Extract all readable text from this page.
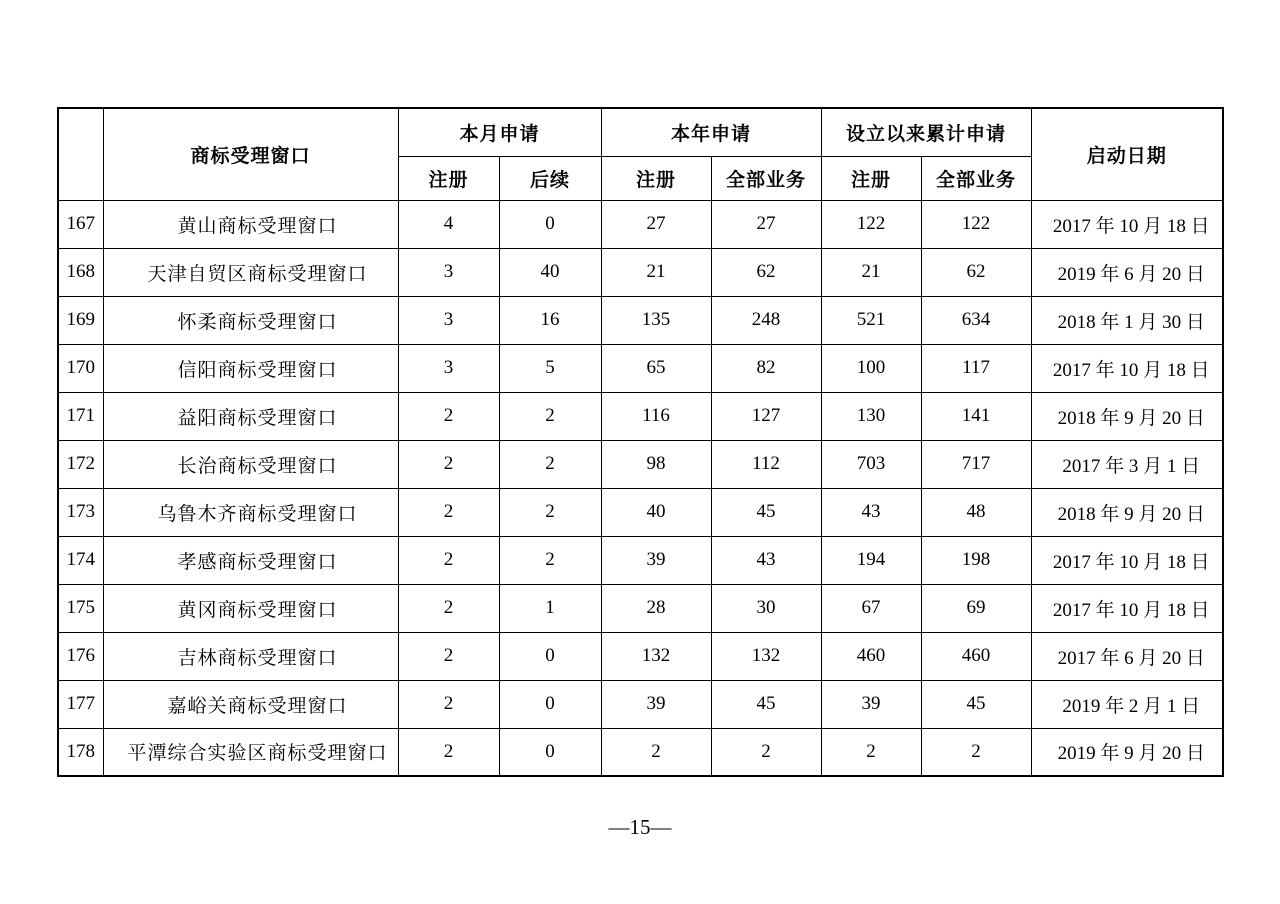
	商标受理窗口	本月申请		本年申请		设立以来累计申请		启动日期
		注册	后续	注册	全部业务	注册	全部业务	
167	黄山商标受理窗口	4	0	27	27	122	122	2017 年 10 月 18 日
168	天津自贸区商标受理窗口	3	40	21	62	21	62	2019 年 6 月 20 日
169	怀柔商标受理窗口	3	16	135	248	521	634	2018 年 1 月 30 日
170	信阳商标受理窗口	3	5	65	82	100	117	2017 年 10 月 18 日
171	益阳商标受理窗口	2	2	116	127	130	141	2018 年 9 月 20 日
172	长治商标受理窗口	2	2	98	112	703	717	2017 年 3 月 1 日
173	乌鲁木齐商标受理窗口	2	2	40	45	43	48	2018 年 9 月 20 日
174	孝感商标受理窗口	2	2	39	43	194	198	2017 年 10 月 18 日
175	黄冈商标受理窗口	2	1	28	30	67	69	2017 年 10 月 18 日
176	吉林商标受理窗口	2	0	132	132	460	460	2017 年 6 月 20 日
177	嘉峪关商标受理窗口	2	0	39	45	39	45	2019 年 2 月 1 日
178	平潭综合实验区商标受理窗口	2	0	2	2	2	2	2019 年 9 月 20 日
—15—
